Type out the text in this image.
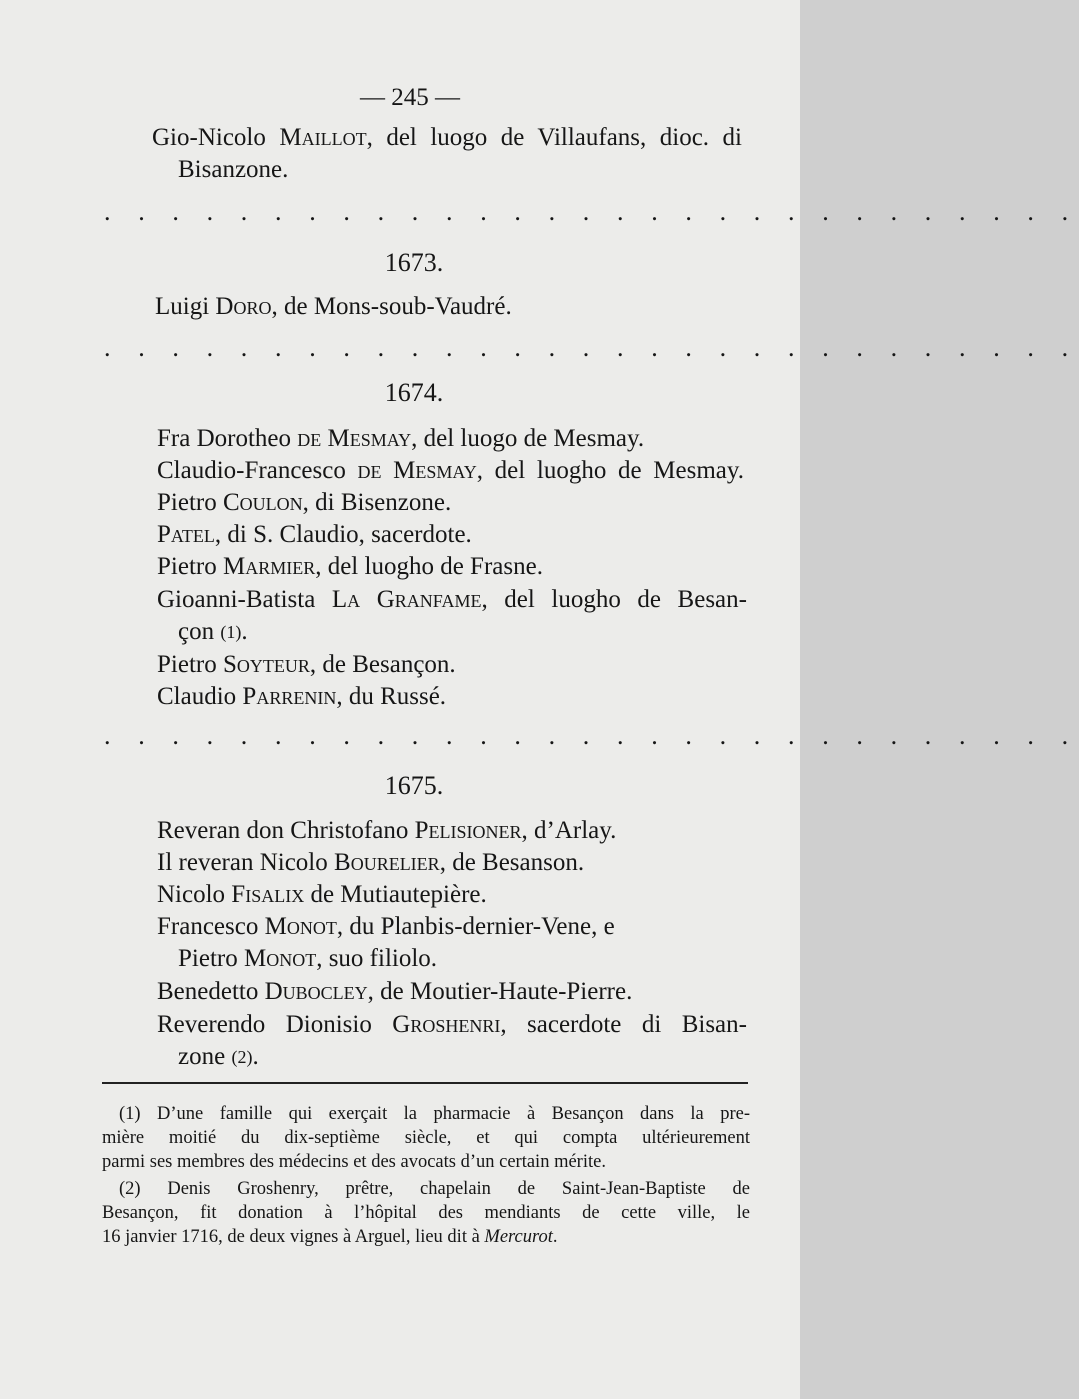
— 245 —
Gio-Nicolo Maillot, del luogo de Villaufans, dioc. di
Bisanzone.
. . . . . . . . . . . . . . . . . . . . . . . . . . . . .
1673.
Luigi Doro, de Mons-soub-Vaudré.
. . . . . . . . . . . . . . . . . . . . . . . . . . . . .
1674.
Fra Dorotheo de Mesmay, del luogo de Mesmay.
Claudio-Francesco de Mesmay, del luogho de Mesmay.
Pietro Coulon, di Bisenzone.
Patel, di S. Claudio, sacerdote.
Pietro Marmier, del luogho de Frasne.
Gioanni-Batista La Granfame, del luogho de Besan-
çon $^{(1)}$.
Pietro Soyteur, de Besançon.
Claudio Parrenin, du Russé.
. . . . . . . . . . . . . . . . . . . . . . . . . . . . .
1675.
Reveran don Christofano Pelisioner, d’Arlay.
Il reveran Nicolo Bourelier, de Besanson.
Nicolo Fisalix de Mutiautepière.
Francesco Monot, du Planbis-dernier-Vene, e
Pietro Monot, suo filiolo.
Benedetto Dubocley, de Moutier-Haute-Pierre.
Reverendo Dionisio Groshenri, sacerdote di Bisan-
zone $^{(2)}$.
(1) D’une famille qui exerçait la pharmacie à Besançon dans la pre-
mière moitié du dix-septième siècle, et qui compta ultérieurement
parmi ses membres des médecins et des avocats d’un certain mérite.
(2) Denis Groshenry, prêtre, chapelain de Saint-Jean-Baptiste de
Besançon, fit donation à l’hôpital des mendiants de cette ville, le
16 janvier 1716, de deux vignes à Arguel, lieu dit à Mercurot.
